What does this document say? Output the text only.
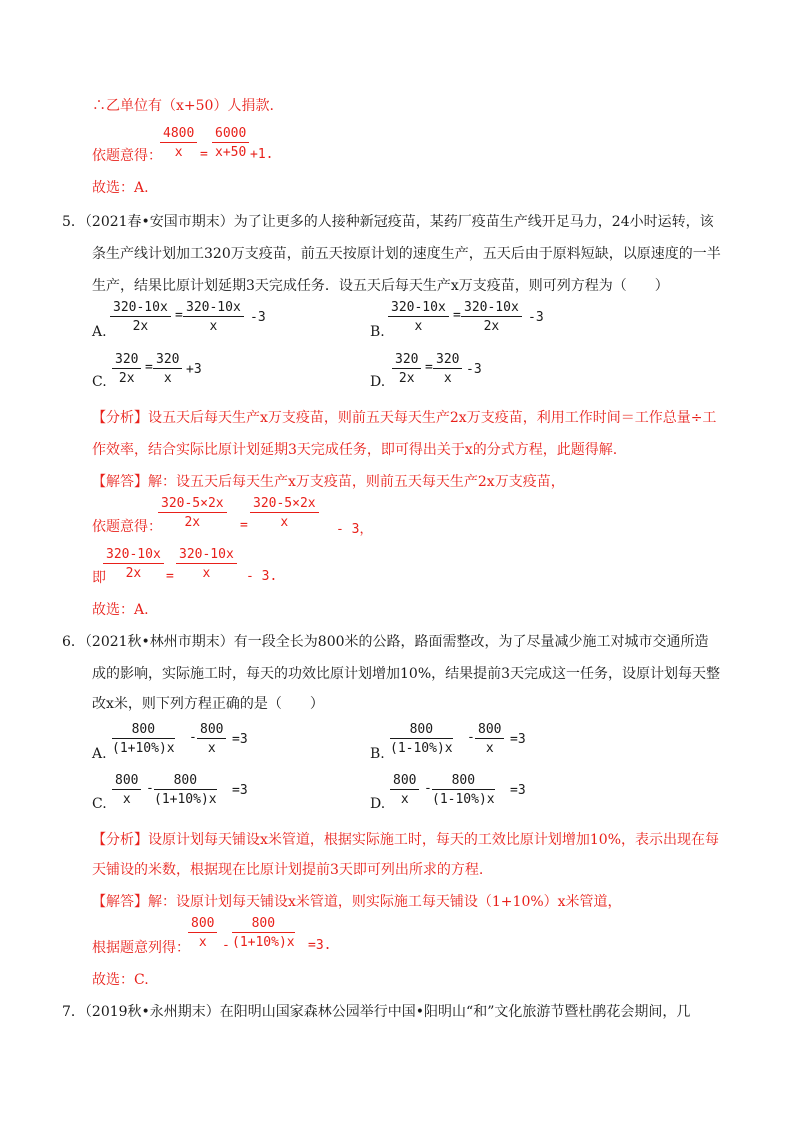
∴乙单位有（x+50）人捐款.
$\frac{4800}{x} \frac{6000}{x+50}$
依题意得：	=	+1.
故选：A.
5．（2021春•安国市期末）为了让更多的人接种新冠疫苗，某药厂疫苗生产线开足马力，24小时运转，该
条生产线计划加工320万支疫苗，前五天按原计划的速度生产，五天后由于原料短缺，以原速度的一半
生产，结果比原计划延期3天完成任务．设五天后每天生产x万支疫苗，则可列方程为（　　）
A. $\frac{320-10x}{2x} = \frac{320-10x}{x} -3$
B. $\frac{320-10x}{x} = \frac{320-10x}{2x} -3$
C. $\frac{320}{2x} = \frac{320}{x} +3$
D. $\frac{320}{2x} = \frac{320}{x} -3$
【分析】设五天后每天生产x万支疫苗，则前五天每天生产2x万支疫苗，利用工作时间＝工作总量÷工
作效率，结合实际比原计划延期3天完成任务，即可得出关于x的分式方程，此题得解.
【解答】解：设五天后每天生产x万支疫苗，则前五天每天生产2x万支疫苗，
依题意得：
$\frac{320-5\times 2x}{2x} = \frac{320-5\times 2x}{x} - 3$，
即
$\frac{320-10x}{2x} = \frac{320-10x}{x} - 3$.
故选：A.
6．（2021秋•林州市期末）有一段全长为800米的公路，路面需整改，为了尽量减少施工对城市交通所造
成的影响，实际施工时，每天的功效比原计划增加10%，结果提前3天完成这一任务，设原计划每天整
改x米，则下列方程正确的是（　　）
A. $\frac{800}{(1+10\%)x} - \frac{800}{x} =3$
B. $\frac{800}{(1-10\%)x} - \frac{800}{x} =3$
C. $\frac{800}{x} - \frac{800}{(1+10\%)x} =3$
D. $\frac{800}{x} - \frac{800}{(1-10\%)x} =3$
【分析】设原计划每天铺设x米管道，根据实际施工时，每天的工效比原计划增加10%，表示出现在每
天铺设的米数，根据现在比原计划提前3天即可列出所求的方程.
【解答】解：设原计划每天铺设x米管道，则实际施工每天铺设（1+10%）x米管道，
根据题意列得：
$\frac{800}{x} - \frac{800}{(1+10\%)x} =3$.
故选：C.
7．（2019秋•永州期末）在阳明山国家森林公园举行中国•阳明山“和”文化旅游节暨杜鹃花会期间，几
